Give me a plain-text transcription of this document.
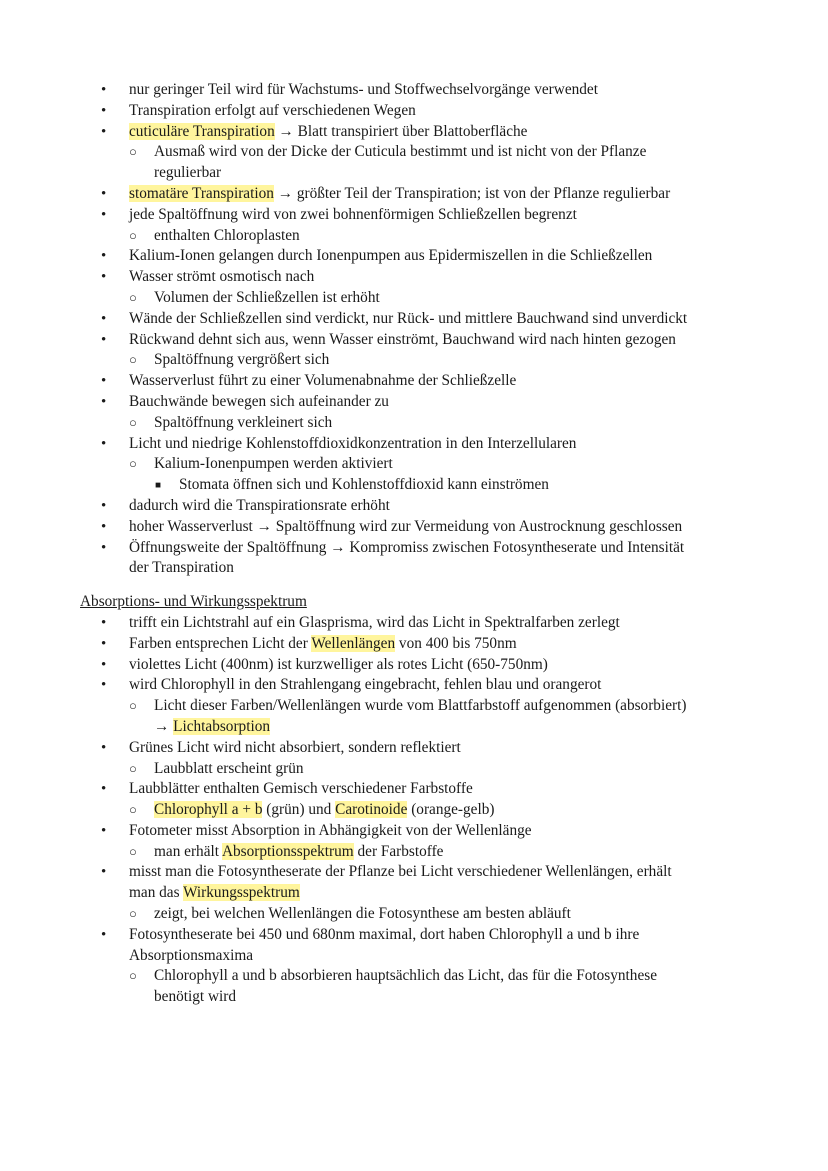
• nur geringer Teil wird für Wachstums- und Stoffwechselvorgänge verwendet
• Transpiration erfolgt auf verschiedenen Wegen
• cuticuläre Transpiration → Blatt transpiriert über Blattoberfläche
○ Ausmaß wird von der Dicke der Cuticula bestimmt und ist nicht von der Pflanze
regulierbar
• stomatäre Transpiration → größter Teil der Transpiration; ist von der Pflanze regulierbar
• jede Spaltöffnung wird von zwei bohnenförmigen Schließzellen begrenzt
○ enthalten Chloroplasten
• Kalium-Ionen gelangen durch Ionenpumpen aus Epidermiszellen in die Schließzellen
• Wasser strömt osmotisch nach
○ Volumen der Schließzellen ist erhöht
• Wände der Schließzellen sind verdickt, nur Rück- und mittlere Bauchwand sind unverdickt
• Rückwand dehnt sich aus, wenn Wasser einströmt, Bauchwand wird nach hinten gezogen
○ Spaltöffnung vergrößert sich
• Wasserverlust führt zu einer Volumenabnahme der Schließzelle
• Bauchwände bewegen sich aufeinander zu
○ Spaltöffnung verkleinert sich
• Licht und niedrige Kohlenstoffdioxidkonzentration in den Interzellularen
○ Kalium-Ionenpumpen werden aktiviert
■ Stomata öffnen sich und Kohlenstoffdioxid kann einströmen
• dadurch wird die Transpirationsrate erhöht
• hoher Wasserverlust → Spaltöffnung wird zur Vermeidung von Austrocknung geschlossen
• Öffnungsweite der Spaltöffnung → Kompromiss zwischen Fotosyntheserate und Intensität
der Transpiration
Absorptions- und Wirkungsspektrum
• trifft ein Lichtstrahl auf ein Glasprisma, wird das Licht in Spektralfarben zerlegt
• Farben entsprechen Licht der Wellenlängen von 400 bis 750nm
• violettes Licht (400nm) ist kurzwelliger als rotes Licht (650-750nm)
• wird Chlorophyll in den Strahlengang eingebracht, fehlen blau und orangerot
○ Licht dieser Farben/Wellenlängen wurde vom Blattfarbstoff aufgenommen (absorbiert)
→ Lichtabsorption
• Grünes Licht wird nicht absorbiert, sondern reflektiert
○ Laubblatt erscheint grün
• Laubblätter enthalten Gemisch verschiedener Farbstoffe
○ Chlorophyll a + b (grün) und Carotinoide (orange-gelb)
• Fotometer misst Absorption in Abhängigkeit von der Wellenlänge
○ man erhält Absorptionsspektrum der Farbstoffe
• misst man die Fotosyntheserate der Pflanze bei Licht verschiedener Wellenlängen, erhält
man das Wirkungsspektrum
○ zeigt, bei welchen Wellenlängen die Fotosynthese am besten abläuft
• Fotosyntheserate bei 450 und 680nm maximal, dort haben Chlorophyll a und b ihre
Absorptionsmaxima
○ Chlorophyll a und b absorbieren hauptsächlich das Licht, das für die Fotosynthese
benötigt wird
